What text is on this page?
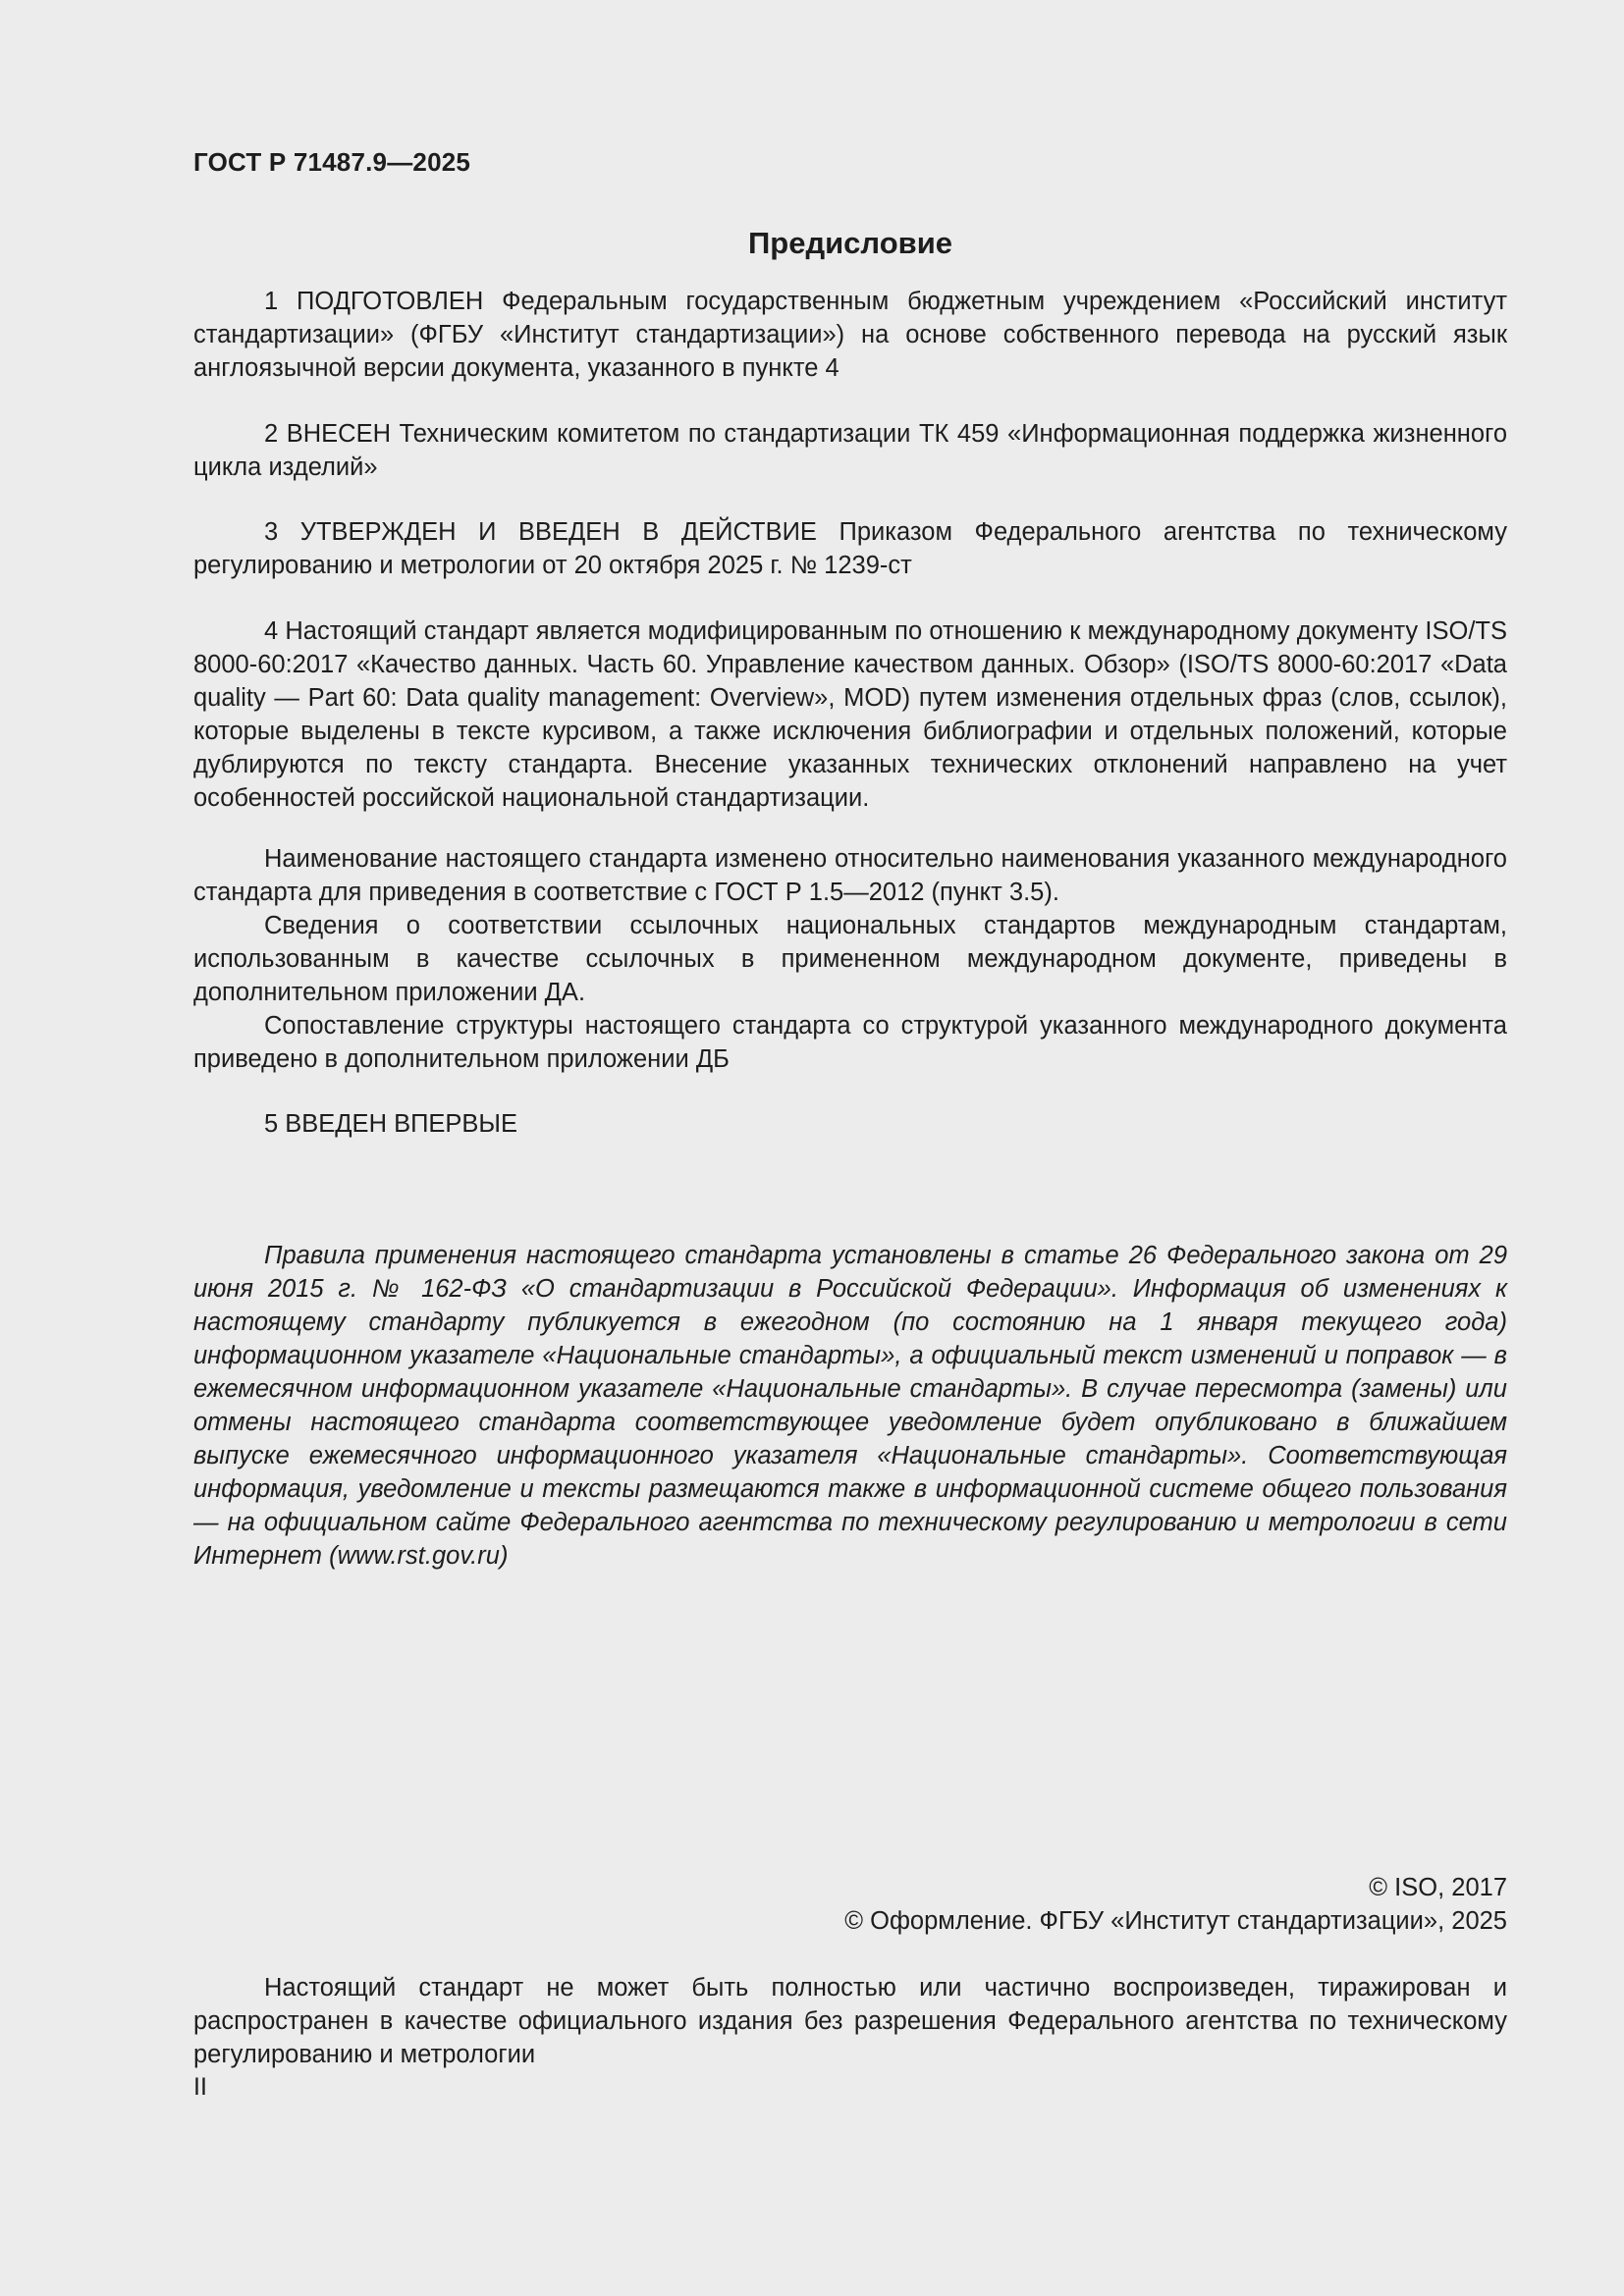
ГОСТ Р 71487.9—2025
Предисловие

1 ПОДГОТОВЛЕН Федеральным государственным бюджетным учреждением «Российский институт стандартизации» (ФГБУ «Институт стандартизации») на основе собственного перевода на русский язык англоязычной версии документа, указанного в пункте 4

2 ВНЕСЕН Техническим комитетом по стандартизации ТК 459 «Информационная поддержка жизненного цикла изделий»

3 УТВЕРЖДЕН И ВВЕДЕН В ДЕЙСТВИЕ Приказом Федерального агентства по техническому регулированию и метрологии от 20 октября 2025 г. № 1239-ст

4 Настоящий стандарт является модифицированным по отношению к международному документу ISO/TS 8000-60:2017 «Качество данных. Часть 60. Управление качеством данных. Обзор» (ISO/TS 8000-60:2017 «Data quality — Part 60: Data quality management: Overview», MOD) путем изменения отдельных фраз (слов, ссылок), которые выделены в тексте курсивом, а также исключения библиографии и отдельных положений, которые дублируются по тексту стандарта. Внесение указанных технических отклонений направлено на учет особенностей российской национальной стандартизации.

Наименование настоящего стандарта изменено относительно наименования указанного международного стандарта для приведения в соответствие с ГОСТ Р 1.5—2012 (пункт 3.5).

Сведения о соответствии ссылочных национальных стандартов международным стандартам, использованным в качестве ссылочных в примененном международном документе, приведены в дополнительном приложении ДА.

Сопоставление структуры настоящего стандарта со структурой указанного международного документа приведено в дополнительном приложении ДБ

5 ВВЕДЕН ВПЕРВЫЕ

Правила применения настоящего стандарта установлены в статье 26 Федерального закона от 29 июня 2015 г. № 162-ФЗ «О стандартизации в Российской Федерации». Информация об изменениях к настоящему стандарту публикуется в ежегодном (по состоянию на 1 января текущего года) информационном указателе «Национальные стандарты», а официальный текст изменений и поправок — в ежемесячном информационном указателе «Национальные стандарты». В случае пересмотра (замены) или отмены настоящего стандарта соответствующее уведомление будет опубликовано в ближайшем выпуске ежемесячного информационного указателя «Национальные стандарты». Соответствующая информация, уведомление и тексты размещаются также в информационной системе общего пользования — на официальном сайте Федерального агентства по техническому регулированию и метрологии в сети Интернет (www.rst.gov.ru)

© ISO, 2017

© Оформление. ФГБУ «Институт стандартизации», 2025

Настоящий стандарт не может быть полностью или частично воспроизведен, тиражирован и распространен в качестве официального издания без разрешения Федерального агентства по техническому регулированию и метрологии

II
